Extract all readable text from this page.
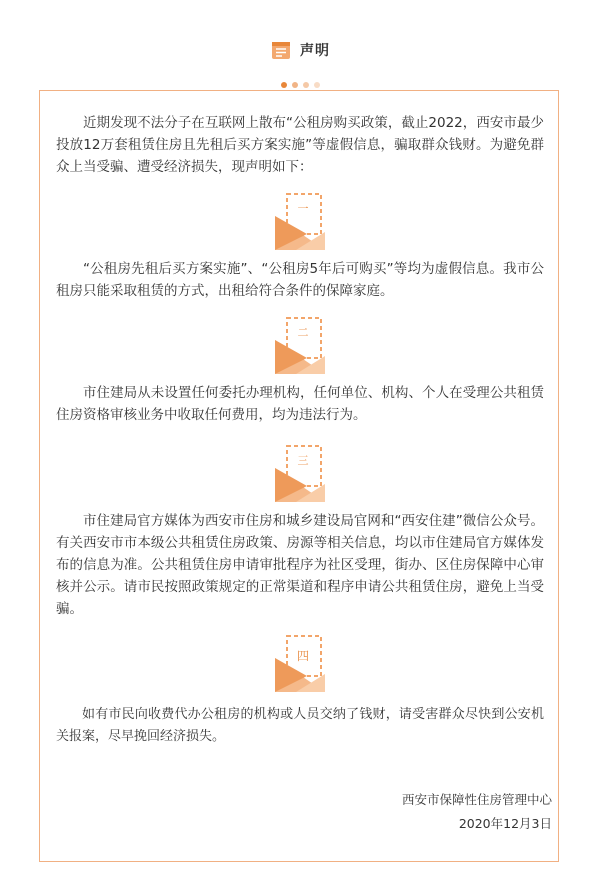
声明

近期发现不法分子在互联网上散布“公租房购买政策，截止2022，西安市最少投放12万套租赁住房且先租后买方案实施”等虚假信息，骗取群众钱财。为避免群众上当受骗、遭受经济损失，现声明如下：

一

“公租房先租后买方案实施”、“公租房5年后可购买”等均为虚假信息。我市公租房只能采取租赁的方式，出租给符合条件的保障家庭。

二

市住建局从未设置任何委托办理机构，任何单位、机构、个人在受理公共租赁住房资格审核业务中收取任何费用，均为违法行为。

三

市住建局官方媒体为西安市住房和城乡建设局官网和“西安住建”微信公众号。有关西安市市本级公共租赁住房政策、房源等相关信息，均以市住建局官方媒体发布的信息为准。公共租赁住房申请审批程序为社区受理，街办、区住房保障中心审核并公示。请市民按照政策规定的正常渠道和程序申请公共租赁住房，避免上当受骗。

四

如有市民向收费代办公租房的机构或人员交纳了钱财，请受害群众尽快到公安机关报案，尽早挽回经济损失。

西安市保障性住房管理中心
2020年12月3日
